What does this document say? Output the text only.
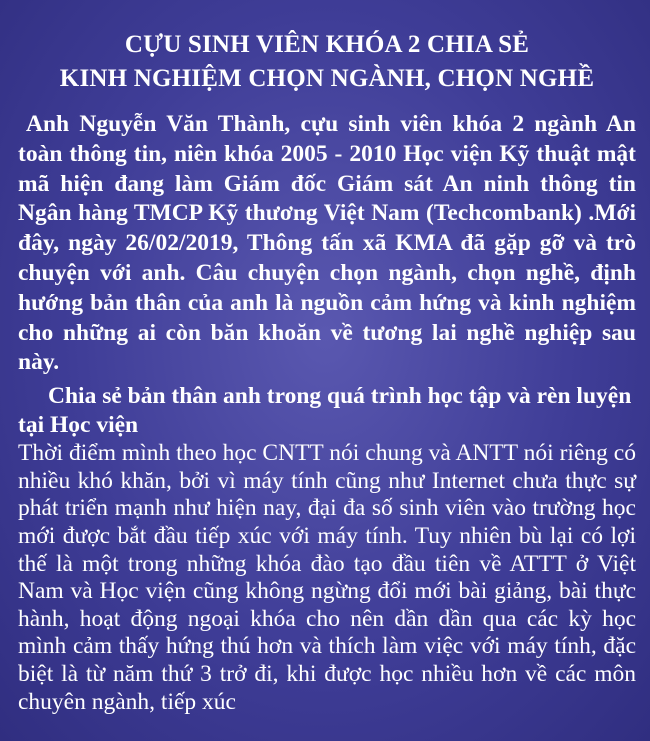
CỰU SINH VIÊN KHÓA 2 CHIA SẺ
KINH NGHIỆM CHỌN NGÀNH, CHỌN NGHỀ

Anh Nguyễn Văn Thành, cựu sinh viên khóa 2 ngành An toàn thông tin, niên khóa 2005 - 2010 Học viện Kỹ thuật mật mã hiện đang làm Giám đốc Giám sát An ninh thông tin Ngân hàng TMCP Kỹ thương Việt Nam (Techcombank) .Mới đây, ngày 26/02/2019, Thông tấn xã KMA đã gặp gỡ và trò chuyện với anh. Câu chuyện chọn ngành, chọn nghề, định hướng bản thân của anh là nguồn cảm hứng và kinh nghiệm cho những ai còn băn khoăn về tương lai nghề nghiệp sau này.

Chia sẻ bản thân anh trong quá trình học tập và rèn luyện tại Học viện

Thời điểm mình theo học CNTT nói chung và ANTT nói riêng có nhiều khó khăn, bởi vì máy tính cũng như Internet chưa thực sự phát triển mạnh như hiện nay, đại đa số sinh viên vào trường học mới được bắt đầu tiếp xúc với máy tính. Tuy nhiên bù lại có lợi thế là một trong những khóa đào tạo đầu tiên về ATTT ở Việt Nam và Học viện cũng không ngừng đổi mới bài giảng, bài thực hành, hoạt động ngoại khóa cho nên dần dần qua các kỳ học mình cảm thấy hứng thú hơn và thích làm việc với máy tính, đặc biệt là từ năm thứ 3 trở đi, khi được học nhiều hơn về các môn chuyên ngành, tiếp xúc
